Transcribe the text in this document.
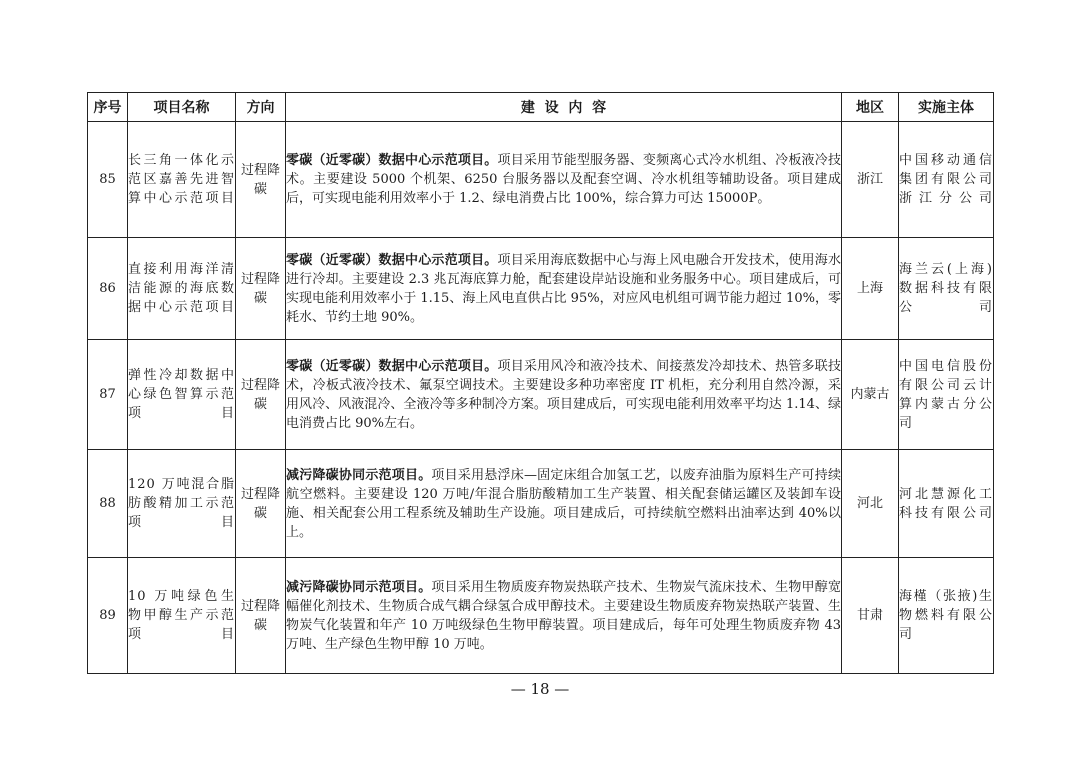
序号	项目名称	方向	建  设  内  容	地区	实施主体
85	长三角一体化示范区嘉善先进智算中心示范项目	过程降碳	零碳（近零碳）数据中心示范项目。项目采用节能型服务器、变频离心式冷水机组、冷板液冷技术。主要建设 5000 个机架、6250 台服务器以及配套空调、冷水机组等辅助设备。项目建成后，可实现电能利用效率小于 1.2、绿电消费占比 100%，综合算力可达 15000P。	浙江	中国移动通信集团有限公司浙江分公司
86	直接利用海洋清洁能源的海底数据中心示范项目	过程降碳	零碳（近零碳）数据中心示范项目。项目采用海底数据中心与海上风电融合开发技术，使用海水进行冷却。主要建设 2.3 兆瓦海底算力舱，配套建设岸站设施和业务服务中心。项目建成后，可实现电能利用效率小于 1.15、海上风电直供占比 95%，对应风电机组可调节能力超过 10%，零耗水、节约土地 90%。	上海	海兰云(上海)数据科技有限公司
87	弹性冷却数据中心绿色智算示范项目	过程降碳	零碳（近零碳）数据中心示范项目。项目采用风冷和液冷技术、间接蒸发冷却技术、热管多联技术，冷板式液冷技术、氟泵空调技术。主要建设多种功率密度 IT 机柜，充分利用自然冷源，采用风冷、风液混冷、全液冷等多种制冷方案。项目建成后，可实现电能利用效率平均达 1.14、绿电消费占比 90%左右。	内蒙古	中国电信股份有限公司云计算内蒙古分公司
88	120 万吨混合脂肪酸精加工示范项目	过程降碳	减污降碳协同示范项目。项目采用悬浮床—固定床组合加氢工艺，以废弃油脂为原料生产可持续航空燃料。主要建设 120 万吨/年混合脂肪酸精加工生产装置、相关配套储运罐区及装卸车设施、相关配套公用工程系统及辅助生产设施。项目建成后，可持续航空燃料出油率达到 40%以上。	河北	河北慧源化工科技有限公司
89	10 万吨绿色生物甲醇生产示范项目	过程降碳	减污降碳协同示范项目。项目采用生物质废弃物炭热联产技术、生物炭气流床技术、生物甲醇宽幅催化剂技术、生物质合成气耦合绿氢合成甲醇技术。主要建设生物质废弃物炭热联产装置、生物炭气化装置和年产 10 万吨级绿色生物甲醇装置。项目建成后，每年可处理生物质废弃物 43 万吨、生产绿色生物甲醇 10 万吨。	甘肃	海槿（张掖)生物燃料有限公司
— 18 —
